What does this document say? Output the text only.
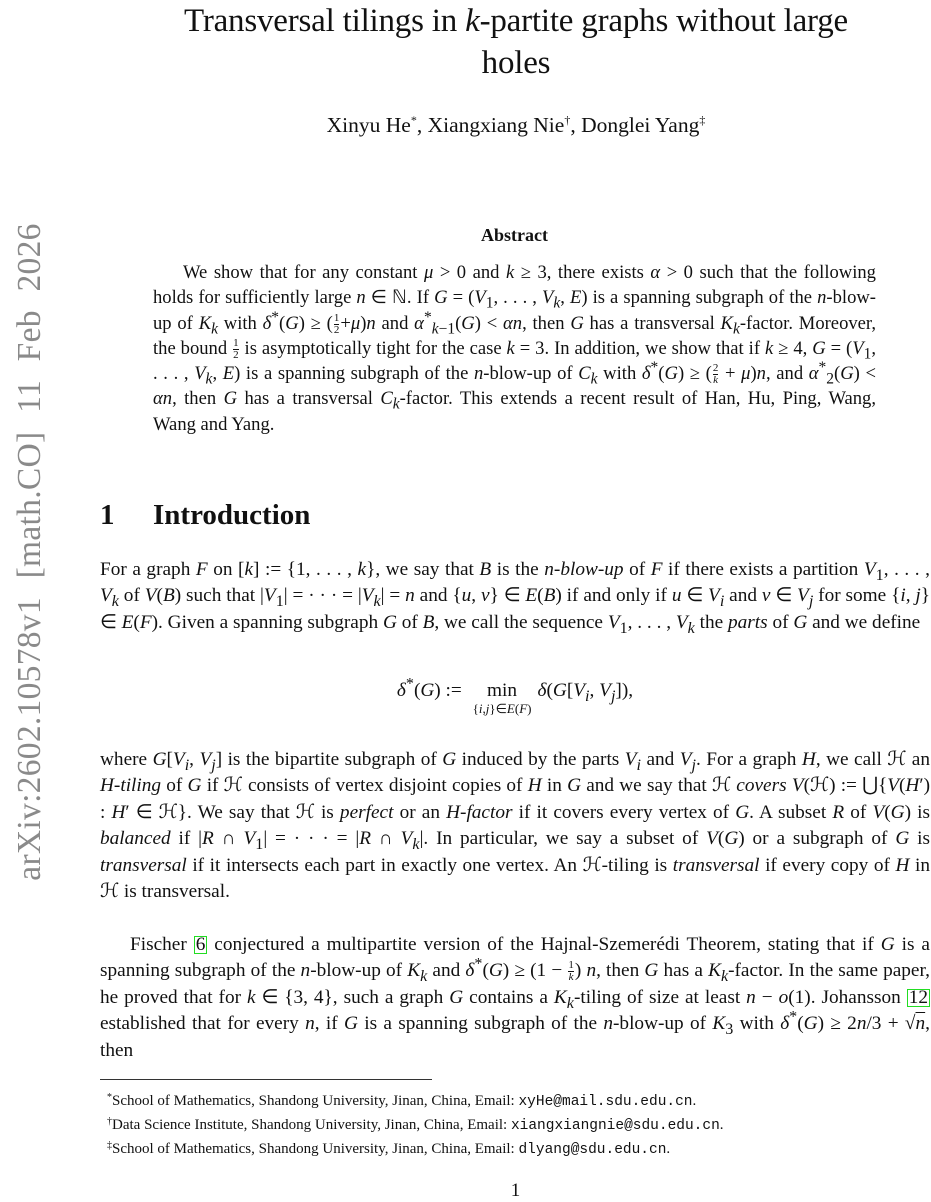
arXiv:2602.10578v1 [math.CO] 11 Feb 2026
Transversal tilings in k-partite graphs without large
holes
Xinyu He*, Xiangxiang Nie†, Donglei Yang‡
Abstract
We show that for any constant μ > 0 and k ≥ 3, there exists α > 0 such that the following holds for sufficiently large n ∈ ℕ. If $G = (V_1$, . . . , $V_k$, E) is a spanning subgraph of the n-blow-up of $K_k$ with δ*(G) ≥ ( $\frac{1}{2} +\mu)n$ and $\alpha^*_{k-1}(G) < \alpha n$, then G has a transversal $K_k$-factor. Moreover, the bound $\frac{1}{2}$ is asymptotically tight for the case k = 3. In addition, we show that if k ≥ 4, $G = (V_1$, . . . , $V_k$, E) is a spanning subgraph of the n-blow-up of $C_k$ with δ*(G) ≥ ( $\frac{2}{k} + \mu)n$, and $\alpha^*_2(G) < \alpha n$, then G has a transversal $C_k$-factor. This extends a recent result of Han, Hu, Ping, Wang, Wang and Yang.
1 Introduction
For a graph F on [k] := {1, . . . , k}, we say that B is the n-blow-up of F if there exists a partition $V_1$, . . . , $V_k$ of V(B) such that $|V_1|$ = · · · = $|V_k| = n$ and {u, v} ∈ E(B) if and only if u ∈ $V_i$ and v ∈ $V_j$ for some {i, j} ∈ E(F). Given a spanning subgraph G of B, we call the sequence $V_1$, . . . , $V_k$ the parts of G and we define
δ*(G) := min
{i,j}∈E(F)
$\delta(G[V_i$, $V_j$]),
where $G[V_i$, $V_j$] is the bipartite subgraph of G induced by the parts $V_i$ and $V_j$. For a graph H, we call ℋ an H-tiling of G if ℋ consists of vertex disjoint copies of H in G and we say that ℋ covers V(ℋ) := ⋃{V(H′) : H′ ∈ ℋ}. We say that ℋ is perfect or an H-factor if it covers every vertex of G. A subset R of V(G) is balanced if |R ∩ $V_1|$ = · · · = |R ∩ $V_k|$. In particular, we say a subset of V(G) or a subgraph of G is transversal if it intersects each part in exactly one vertex. An ℋ-tiling is transversal if every copy of H in ℋ is transversal.
Fischer 6 conjectured a multipartite version of the Hajnal-Szemerédi Theorem, stating that if G is a spanning subgraph of the n-blow-up of $K_k$ and $\delta^*(G) \ge (1 - \frac{1}{k}$ ) n, then G has a $K_k$-factor. In the same paper, he proved that for k ∈ {3, 4}, such a graph G contains a $K_k$-tiling of size at least n − o(1). Johansson 12 established that for every n, if G is a spanning subgraph of the n-blow-up of $K_3$ with δ*(G) ≥ 2n/3 + √n, then
*School of Mathematics, Shandong University, Jinan, China, Email: xyHe@mail.sdu.edu.cn.
†Data Science Institute, Shandong University, Jinan, China, Email: xiangxiangnie@sdu.edu.cn.
‡School of Mathematics, Shandong University, Jinan, China, Email: dlyang@sdu.edu.cn.
1
